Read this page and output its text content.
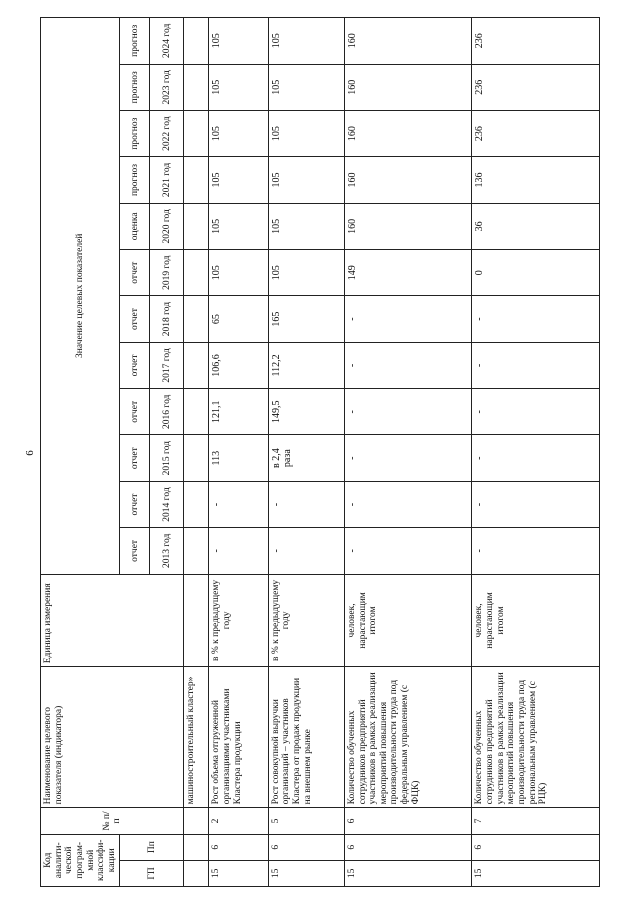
6
Код аналити-ческой програм-мной классифи-кации		№ п/п	Наименование целевого показателя (индикатора)	Единица измерения	Значение целевых показателей											
ГП	Пп				отчет	отчет	отчет	отчет	отчет	отчет	отчет	оценка	прогноз	прогноз	прогноз	прогноз
					2013 год	2014 год	2015 год	2016 год	2017 год	2018 год	2019 год	2020 год	2021 год	2022 год	2023 год	2024 год
			машиностроительный кластер»													
15	6	2	Рост объема отгруженной организациями участниками Кластера продукции	в % к предыдущему году	-	-	113	121,1	106,6	65	105	105	105	105	105	105
15	6	5	Рост совокупной выручки организаций – участников Кластера от продаж продукции на внешнем рынке	в % к предыдущему году	-	-	в 2,4 раза	149,5	112,2	165	105	105	105	105	105	105
15	6	6	Количество обученных сотрудников предприятий участников в рамках реализации мероприятий повышения производительности труда под федеральным управлением (с ФЦК)	человек, нарастающим итогом	-	-	-	-	-	-	149	160	160	160	160	160
15	6	7	Количество обученных сотрудников предприятий участников в рамках реализации мероприятий повышения производительности труда под региональным управлением (с РЦК)	человек, нарастающим итогом	-	-	-	-	-	-	0	36	136	236	236	236
